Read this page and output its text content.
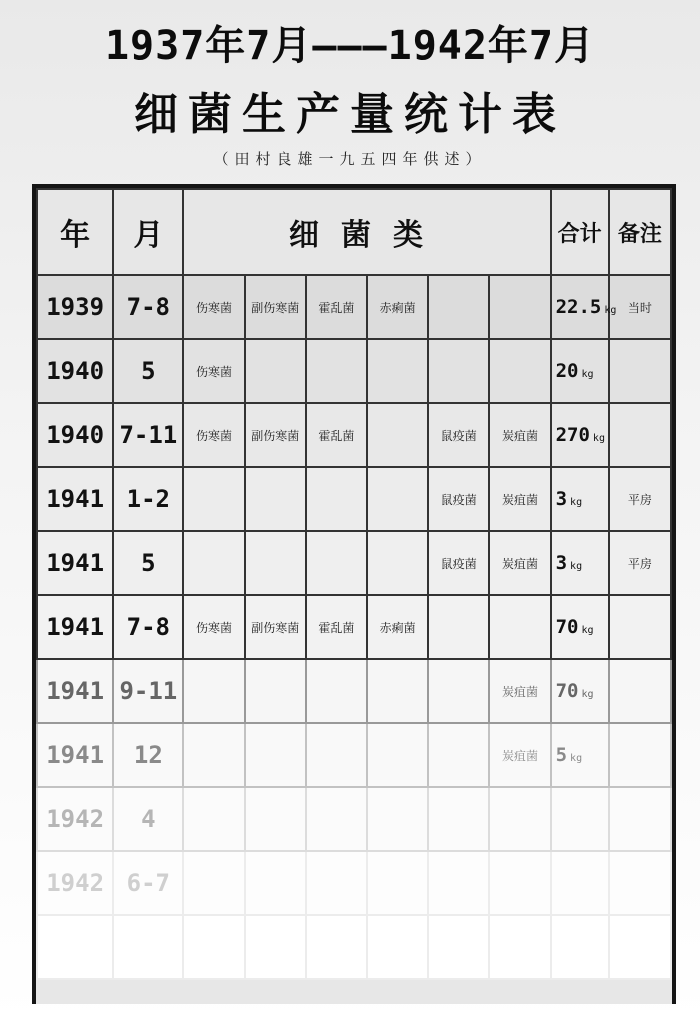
1937年7月———1942年7月
细菌生产量统计表
（田村良雄一九五四年供述）
年	月	细菌类						合计	备注
1939	7-8	伤寒菌	副伤寒菌	霍乱菌	赤痢菌			22.5 kg	当时
1940	5	伤寒菌						20 kg	
1940	7-11	伤寒菌	副伤寒菌	霍乱菌		鼠疫菌	炭疽菌	270 kg	
1941	1-2					鼠疫菌	炭疽菌	3 kg	平房
1941	5					鼠疫菌	炭疽菌	3 kg	平房
1941	7-8	伤寒菌	副伤寒菌	霍乱菌	赤痢菌			70 kg	
1941	9-11						炭疽菌	70 kg	
1941	12						炭疽菌	5 kg	
1942	4								
1942	6-7								
